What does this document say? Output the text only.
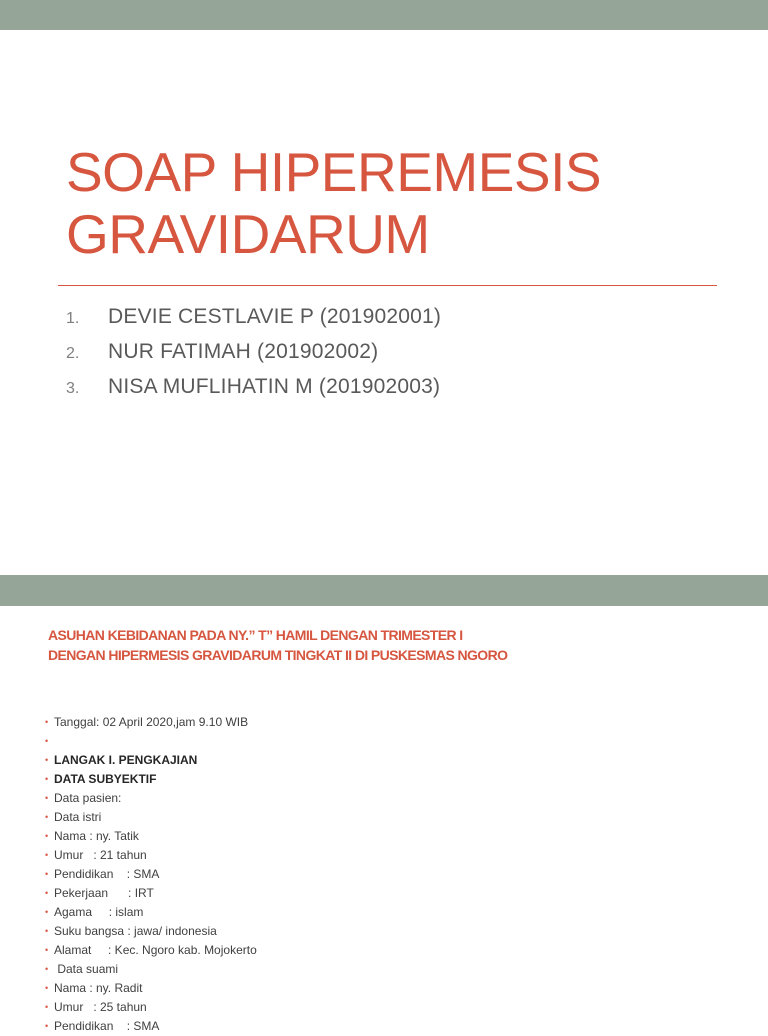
SOAP HIPEREMESIS
GRAVIDARUM
1. DEVIE CESTLAVIE P (201902001)
2. NUR FATIMAH (201902002)
3. NISA MUFLIHATIN M (201902003)
ASUHAN KEBIDANAN PADA NY.” T” HAMIL DENGAN TRIMESTER I
DENGAN HIPERMESIS GRAVIDARUM TINGKAT II DI PUSKESMAS NGORO
• Tanggal: 02 April 2020,jam 9.10 WIB
•
• LANGAK I. PENGKAJIAN
• DATA SUBYEKTIF
• Data pasien:
• Data istri
• Nama : ny. Tatik
• Umur   : 21 tahun
• Pendidikan    : SMA
• Pekerjaan      : IRT
• Agama     : islam
• Suku bangsa : jawa/ indonesia
• Alamat     : Kec. Ngoro kab. Mojokerto
• Data suami
• Nama : ny. Radit
• Umur   : 25 tahun
• Pendidikan    : SMA
